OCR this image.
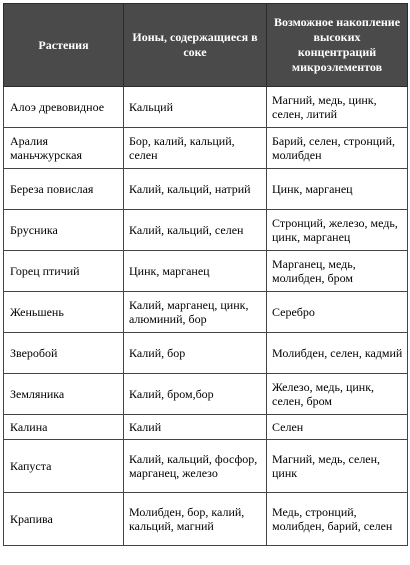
Растения	Ионы, содержащиеся в соке	Возможное накопление высоких концентраций микроэлементов
Алоэ древовидное	Кальций	Магний, медь, цинк, селен, литий
Аралия маньчжурская	Бор, калий, кальций, селен	Барий, селен, стронций, молибден
Береза повислая	Калий, кальций, натрий	Цинк, марганец
Брусника	Калий, кальций, селен	Стронций, железо, медь, цинк, марганец
Горец птичий	Цинк, марганец	Марганец, медь, молибден, бром
Женьшень	Калий, марганец, цинк, алюминий, бор	Серебро
Зверобой	Калий, бор	Молибден, селен, кадмий
Земляника	Калий, бром,бор	Железо, медь, цинк, селен, бром
Калина	Калий	Селен
Капуста	Калий, кальций, фосфор, марганец, железо	Магний, медь, селен, цинк
Крапива	Молибден, бор, калий, кальций, магний	Медь, стронций, молибден, барий, селен
